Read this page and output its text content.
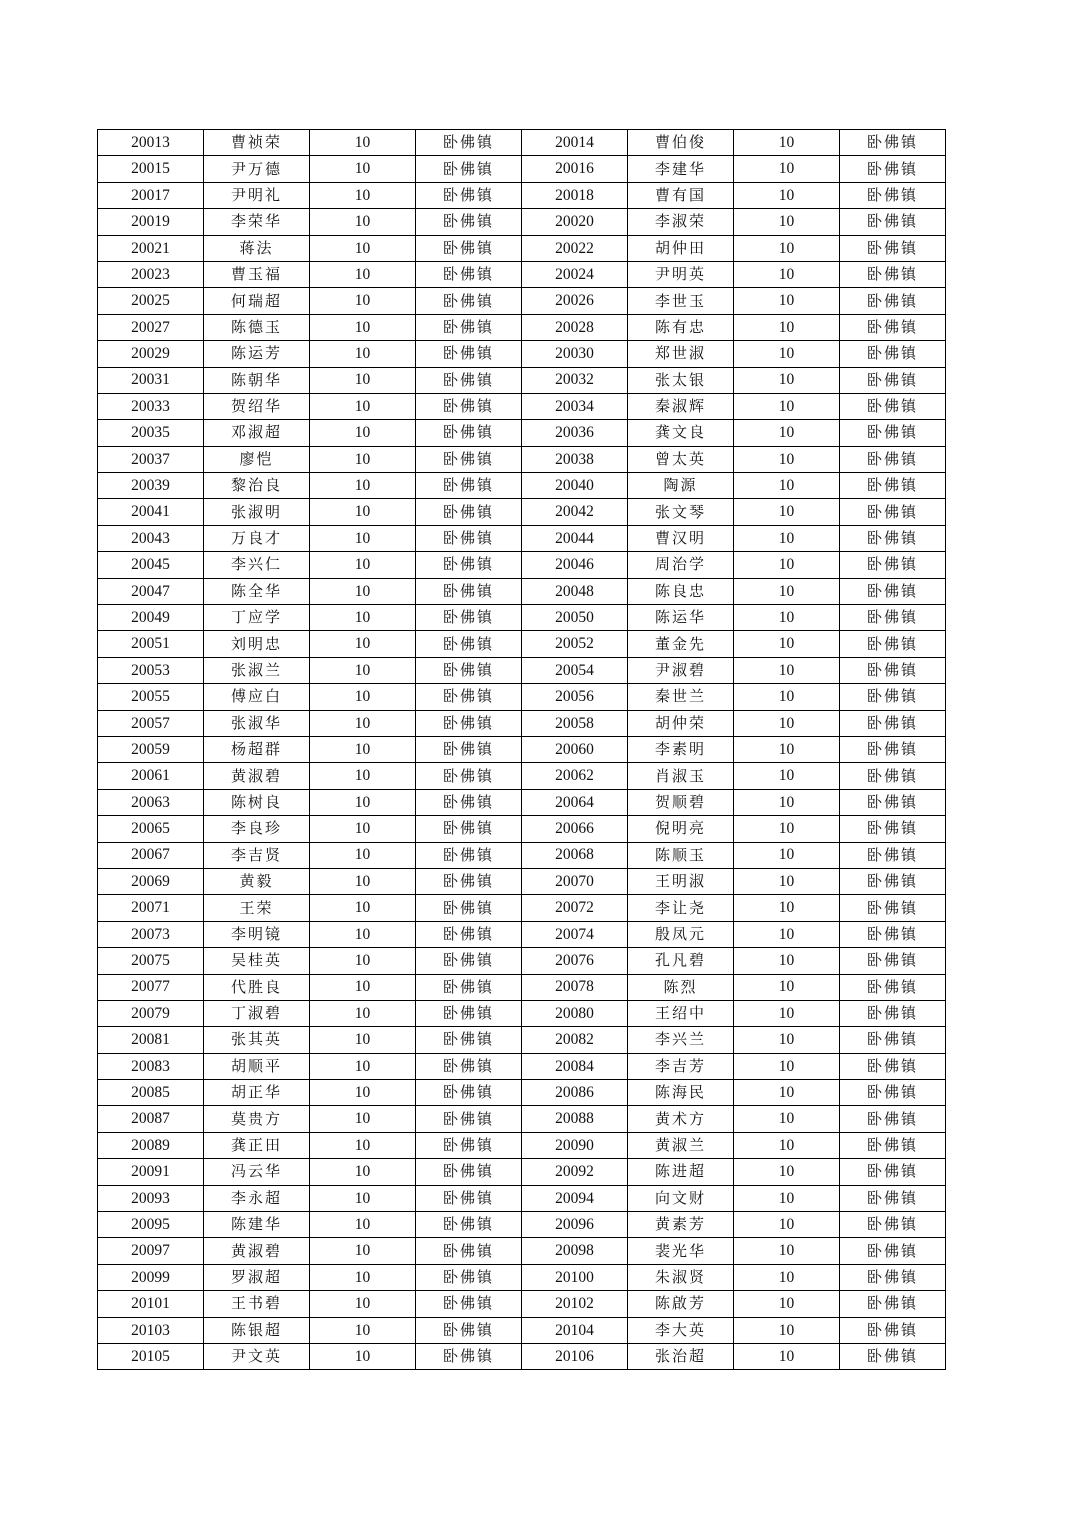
20013	曹祯荣	10	卧佛镇	20014	曹伯俊	10	卧佛镇
20015	尹万德	10	卧佛镇	20016	李建华	10	卧佛镇
20017	尹明礼	10	卧佛镇	20018	曹有国	10	卧佛镇
20019	李荣华	10	卧佛镇	20020	李淑荣	10	卧佛镇
20021	蒋法	10	卧佛镇	20022	胡仲田	10	卧佛镇
20023	曹玉福	10	卧佛镇	20024	尹明英	10	卧佛镇
20025	何瑞超	10	卧佛镇	20026	李世玉	10	卧佛镇
20027	陈德玉	10	卧佛镇	20028	陈有忠	10	卧佛镇
20029	陈运芳	10	卧佛镇	20030	郑世淑	10	卧佛镇
20031	陈朝华	10	卧佛镇	20032	张太银	10	卧佛镇
20033	贺绍华	10	卧佛镇	20034	秦淑辉	10	卧佛镇
20035	邓淑超	10	卧佛镇	20036	龚文良	10	卧佛镇
20037	廖恺	10	卧佛镇	20038	曾太英	10	卧佛镇
20039	黎治良	10	卧佛镇	20040	陶源	10	卧佛镇
20041	张淑明	10	卧佛镇	20042	张文琴	10	卧佛镇
20043	万良才	10	卧佛镇	20044	曹汉明	10	卧佛镇
20045	李兴仁	10	卧佛镇	20046	周治学	10	卧佛镇
20047	陈全华	10	卧佛镇	20048	陈良忠	10	卧佛镇
20049	丁应学	10	卧佛镇	20050	陈运华	10	卧佛镇
20051	刘明忠	10	卧佛镇	20052	董金先	10	卧佛镇
20053	张淑兰	10	卧佛镇	20054	尹淑碧	10	卧佛镇
20055	傅应白	10	卧佛镇	20056	秦世兰	10	卧佛镇
20057	张淑华	10	卧佛镇	20058	胡仲荣	10	卧佛镇
20059	杨超群	10	卧佛镇	20060	李素明	10	卧佛镇
20061	黄淑碧	10	卧佛镇	20062	肖淑玉	10	卧佛镇
20063	陈树良	10	卧佛镇	20064	贺顺碧	10	卧佛镇
20065	李良珍	10	卧佛镇	20066	倪明亮	10	卧佛镇
20067	李吉贤	10	卧佛镇	20068	陈顺玉	10	卧佛镇
20069	黄毅	10	卧佛镇	20070	王明淑	10	卧佛镇
20071	王荣	10	卧佛镇	20072	李让尧	10	卧佛镇
20073	李明镜	10	卧佛镇	20074	殷凤元	10	卧佛镇
20075	吴桂英	10	卧佛镇	20076	孔凡碧	10	卧佛镇
20077	代胜良	10	卧佛镇	20078	陈烈	10	卧佛镇
20079	丁淑碧	10	卧佛镇	20080	王绍中	10	卧佛镇
20081	张其英	10	卧佛镇	20082	李兴兰	10	卧佛镇
20083	胡顺平	10	卧佛镇	20084	李吉芳	10	卧佛镇
20085	胡正华	10	卧佛镇	20086	陈海民	10	卧佛镇
20087	莫贵方	10	卧佛镇	20088	黄术方	10	卧佛镇
20089	龚正田	10	卧佛镇	20090	黄淑兰	10	卧佛镇
20091	冯云华	10	卧佛镇	20092	陈进超	10	卧佛镇
20093	李永超	10	卧佛镇	20094	向文财	10	卧佛镇
20095	陈建华	10	卧佛镇	20096	黄素芳	10	卧佛镇
20097	黄淑碧	10	卧佛镇	20098	裴光华	10	卧佛镇
20099	罗淑超	10	卧佛镇	20100	朱淑贤	10	卧佛镇
20101	王书碧	10	卧佛镇	20102	陈啟芳	10	卧佛镇
20103	陈银超	10	卧佛镇	20104	李大英	10	卧佛镇
20105	尹文英	10	卧佛镇	20106	张治超	10	卧佛镇
